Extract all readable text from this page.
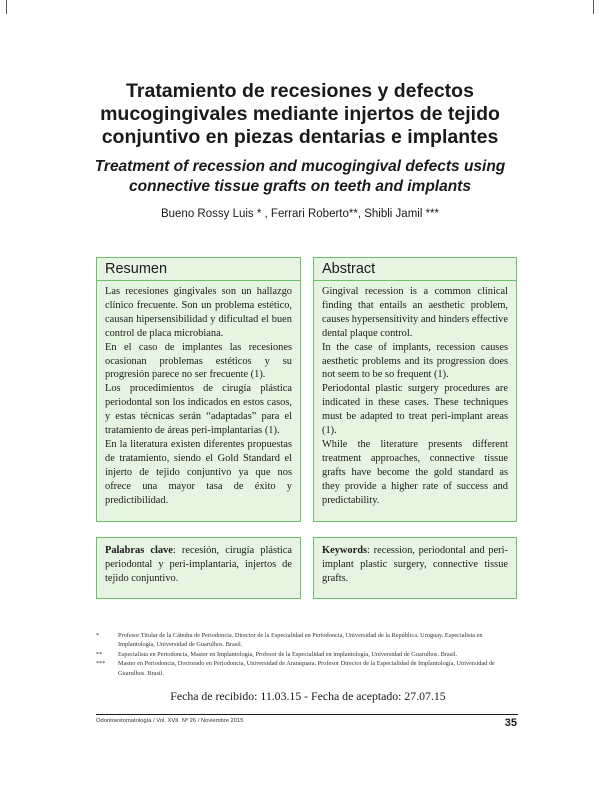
Tratamiento de recesiones y defectos mucogingivales mediante injertos de tejido conjuntivo en piezas dentarias e implantes
Treatment of recession and mucogingival defects using connective tissue grafts on teeth and implants
Bueno Rossy Luis * , Ferrari Roberto**, Shibli Jamil ***
Resumen

Las recesiones gingivales son un hallazgo clínico frecuente. Son un problema estético, causan hipersensibilidad y dificultad el buen control de placa microbiana.

En el caso de implantes las recesiones ocasionan problemas estéticos y su progresión parece no ser frecuente (1).

Los procedimientos de cirugía plástica periodontal son los indicados en estos casos, y estas técnicas serán “adaptadas” para el tratamiento de áreas peri-implantarias (1).

En la literatura existen diferentes propuestas de tratamiento, siendo el Gold Standard el injerto de tejido conjuntivo ya que nos ofrece una mayor tasa de éxito y predictibilidad.

Abstract

Gingival recession is a common clinical finding that entails an aesthetic problem, causes hypersensitivity and hinders effective dental plaque control.

In the case of implants, recession causes aesthetic problems and its progression does not seem to be so frequent (1).

Periodontal plastic surgery procedures are indicated in these cases. These techniques must be adapted to treat peri-implant areas (1).

While the literature presents different treatment approaches, connective tissue grafts have become the gold standard as they provide a higher rate of success and predictability.

Palabras clave: recesión, cirugía plástica periodontal y peri-implantaria, injertos de tejido conjuntivo.
Keywords: recession, periodontal and peri-implant plastic surgery, connective tissue grafts.
*	Profesor Titular de la Cátedra de Periodoncia. Director de la Especialidad en Periodoncia, Universidad de la República. Uruguay. Especialista en Implantología, Universidad de Guarulhos. Brasil.
**	Especialista en Periodoncia, Master en Implantología, Profesor de la Especialidad en implantología, Universidad de Guarulhos. Brasil.
***	Master en Periodoncia, Doctorado en Periodoncia, Universidad de Araraquara. Profesor Director de la Especialidad de Implantología, Universidad de Guarulhos. Brasil.
Fecha de recibido: 11.03.15 - Fecha de aceptado: 27.07.15
Odontoestomatología / Vol. XVII. Nº 26 / Noviembre 2015	35
